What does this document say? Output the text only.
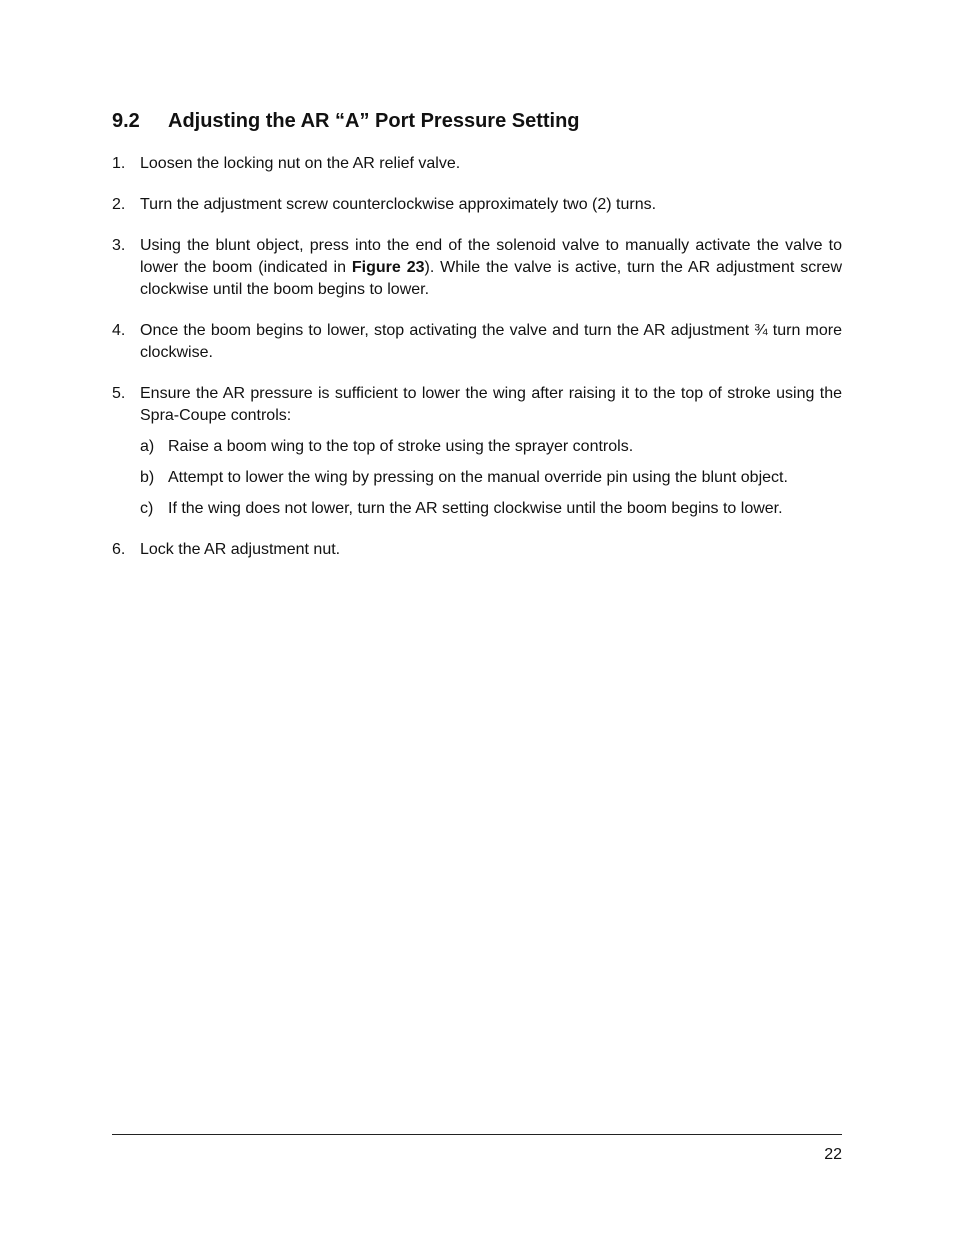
9.2 Adjusting the AR “A” Port Pressure Setting
1. Loosen the locking nut on the AR relief valve.
2. Turn the adjustment screw counterclockwise approximately two (2) turns.
3. Using the blunt object, press into the end of the solenoid valve to manually activate the valve to lower the boom (indicated in Figure 23). While the valve is active, turn the AR adjustment screw clockwise until the boom begins to lower.
4. Once the boom begins to lower, stop activating the valve and turn the AR adjustment ¾ turn more clockwise.
5. Ensure the AR pressure is sufficient to lower the wing after raising it to the top of stroke using the Spra-Coupe controls:
a) Raise a boom wing to the top of stroke using the sprayer controls.
b) Attempt to lower the wing by pressing on the manual override pin using the blunt object.
c) If the wing does not lower, turn the AR setting clockwise until the boom begins to lower.
6. Lock the AR adjustment nut.
22
